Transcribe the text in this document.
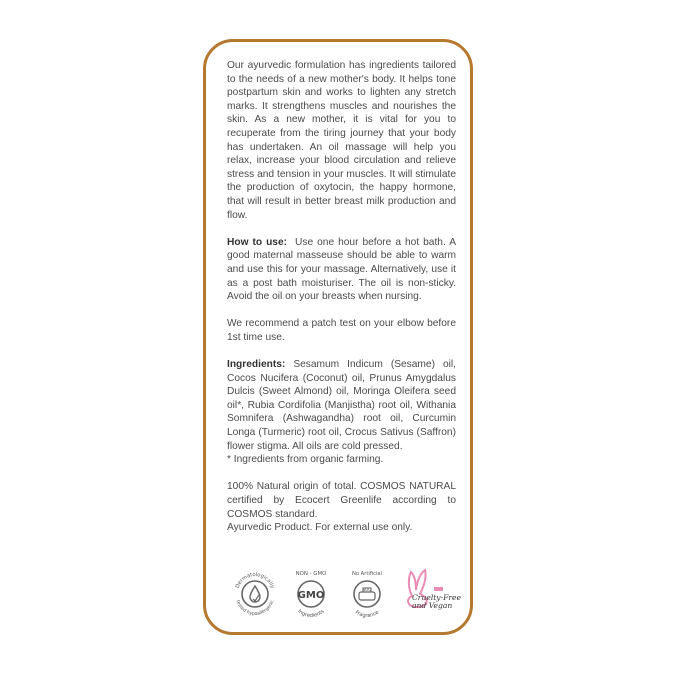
Our ayurvedic formulation has ingredients tailored to the needs of a new mother's body. It helps tone postpartum skin and works to lighten any stretch marks. It strengthens muscles and nourishes the skin. As a new mother, it is vital for you to recuperate from the tiring journey that your body has undertaken. An oil massage will help you relax, increase your blood circulation and relieve stress and tension in your muscles. It will stimulate the production of oxytocin, the happy hormone, that will result in better breast milk production and flow.

How to use: Use one hour before a hot bath. A good maternal masseuse should be able to warm and use this for your massage. Alternatively, use it as a post bath moisturiser. The oil is non-sticky. Avoid the oil on your breasts when nursing.

We recommend a patch test on your elbow before 1st time use.

Ingredients: Sesamum Indicum (Sesame) oil, Cocos Nucifera (Coconut) oil, Prunus Amygdalus Dulcis (Sweet Almond) oil, Moringa Oleifera seed oil*, Rubia Cordifolia (Manjistha) root oil, Withania Somnifera (Ashwagandha) root oil, Curcumin Longa (Turmeric) root oil, Crocus Sativus (Saffron) flower stigma. All oils are cold pressed.

* Ingredients from organic farming.

100% Natural origin of total. COSMOS NATURAL certified by Ecocert Greenlife according to COSMOS standard.

Ayurvedic Product. For external use only.

Dermatologically
tested hypoallergenic
NON - GMO
GMO
Ingredients
No Artificial
SOO
Fragrance
Cruelty-Free
and Vegan
